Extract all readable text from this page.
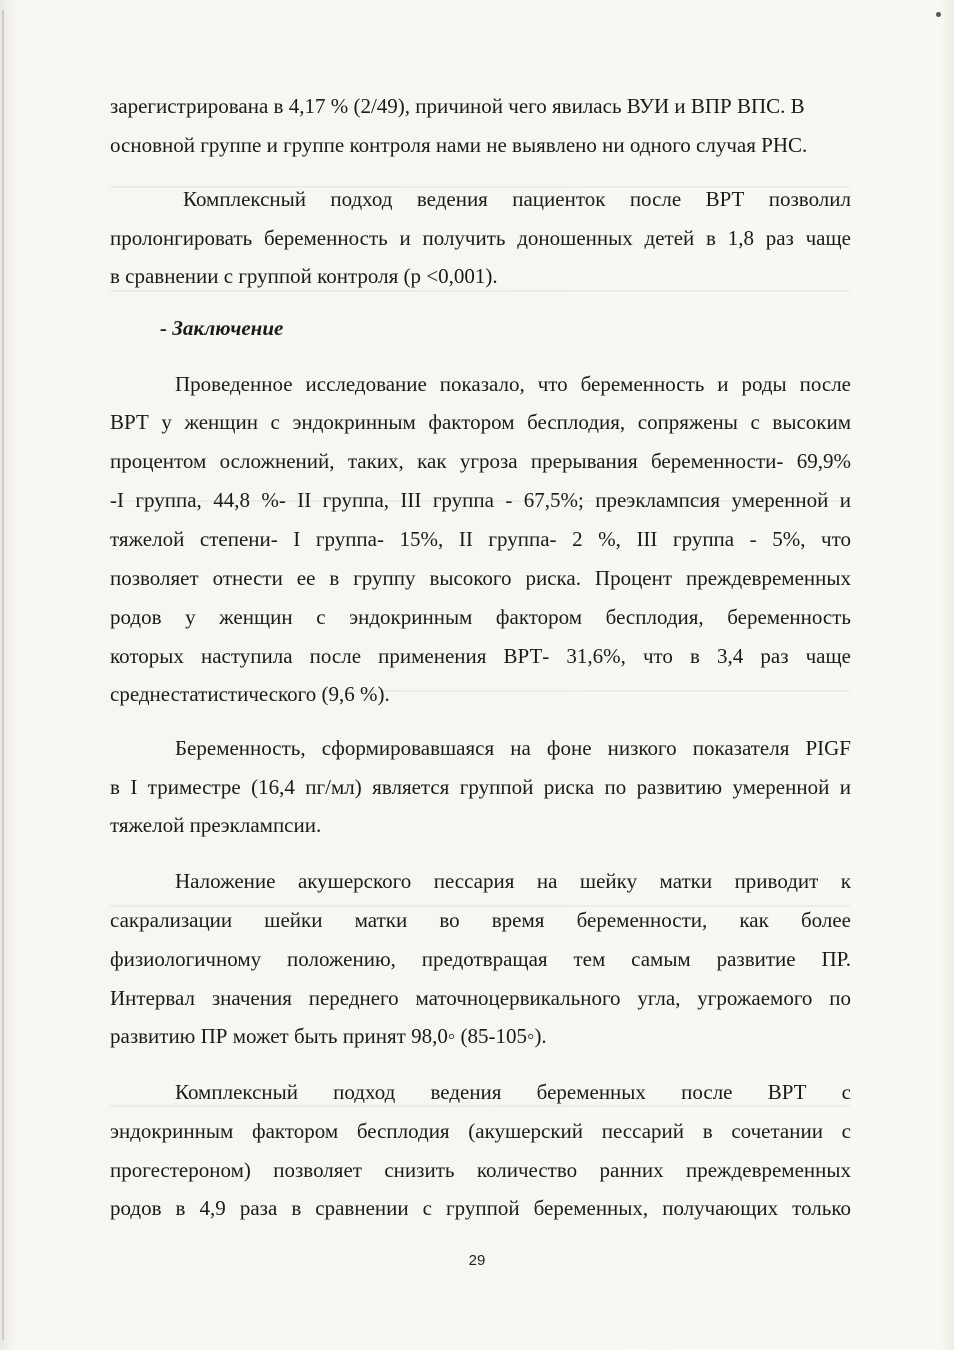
зарегистрирована в 4,17 % (2/49), причиной чего явилась ВУИ и ВПР ВПС. В
основной группе и группе контроля нами не выявлено ни одного случая РНС.
Комплексный подход ведения пациенток после ВРТ позволил
пролонгировать беременность и получить доношенных детей в 1,8 раз чаще
в сравнении с группой контроля (р <0,001).
- Заключение
Проведенное исследование показало, что беременность и роды после
ВРТ у женщин с эндокринным фактором бесплодия, сопряжены с высоким
процентом осложнений, таких, как угроза прерывания беременности- 69,9%
-I группа, 44,8 %- II группа, III группа - 67,5%; преэклампсия умеренной и
тяжелой степени- I группа- 15%, II группа- 2 %, III группа - 5%, что
позволяет отнести ее в группу высокого риска. Процент преждевременных
родов у женщин с эндокринным фактором бесплодия, беременность
которых наступила после применения ВРТ- 31,6%, что в 3,4 раз чаще
среднестатистического (9,6 %).
Беременность, сформировавшаяся на фоне низкого показателя PIGF
в I триместре (16,4 пг/мл) является группой риска по развитию умеренной и
тяжелой преэклампсии.
Наложение акушерского пессария на шейку матки приводит к
сакрализации шейки матки во время беременности, как более
физиологичному положению, предотвращая тем самым развитие ПР.
Интервал значения переднего маточноцервикального угла, угрожаемого по
развитию ПР может быть принят 98,0◦ (85-105◦).
Комплексный подход ведения беременных после ВРТ с
эндокринным фактором бесплодия (акушерский пессарий в сочетании с
прогестероном) позволяет снизить количество ранних преждевременных
родов в 4,9 раза в сравнении с группой беременных, получающих только
29
